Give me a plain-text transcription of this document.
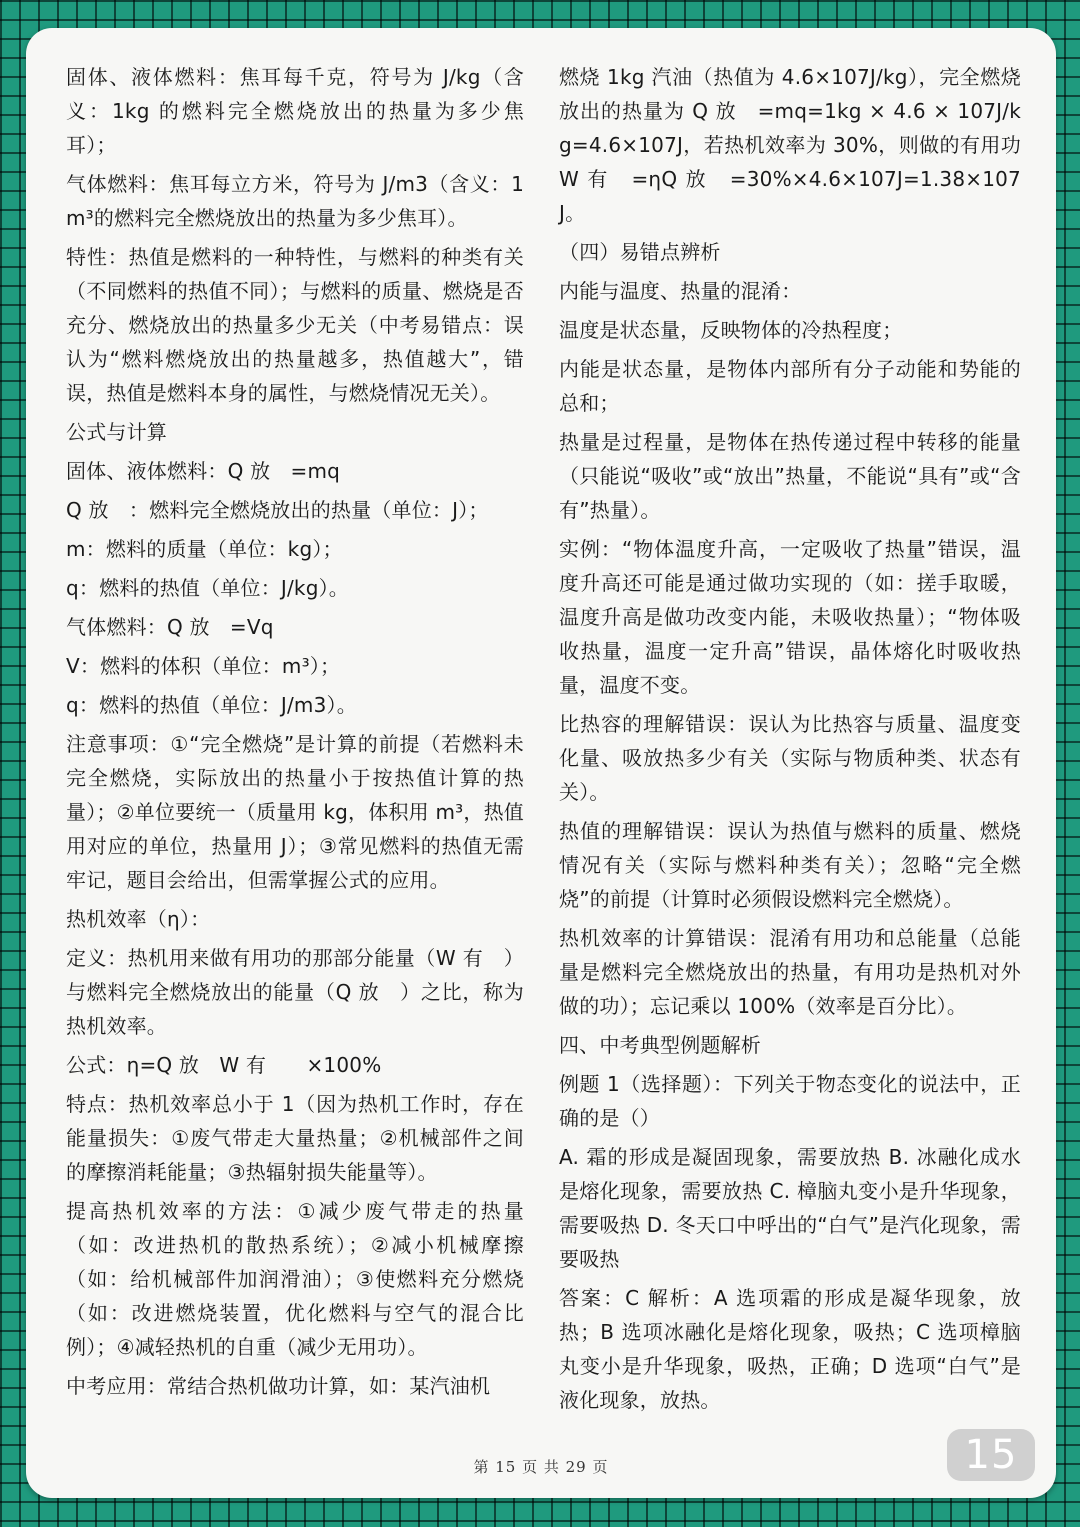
固体、液体燃料：焦耳每千克，符号为 J/kg（含义：1kg 的燃料完全燃烧放出的热量为多少焦耳）；

气体燃料：焦耳每立方米，符号为 J/m3（含义：1m³的燃料完全燃烧放出的热量为多少焦耳）。

特性：热值是燃料的一种特性，与燃料的种类有关（不同燃料的热值不同）；与燃料的质量、燃烧是否充分、燃烧放出的热量多少无关（中考易错点：误认为“燃料燃烧放出的热量越多，热值越大”，错误，热值是燃料本身的属性，与燃烧情况无关）。

公式与计算

固体、液体燃料：Q 放　=mq

Q 放　：燃料完全燃烧放出的热量（单位：J）；

m：燃料的质量（单位：kg）；

q：燃料的热值（单位：J/kg）。

气体燃料：Q 放　=Vq

V：燃料的体积（单位：m³）；

q：燃料的热值（单位：J/m3）。

注意事项：①“完全燃烧”是计算的前提（若燃料未完全燃烧，实际放出的热量小于按热值计算的热量）；②单位要统一（质量用 kg，体积用 m³，热值用对应的单位，热量用 J）；③常见燃料的热值无需牢记，题目会给出，但需掌握公式的应用。

热机效率（η）：

定义：热机用来做有用功的那部分能量（W 有　）与燃料完全燃烧放出的能量（Q 放　）之比，称为热机效率。

公式：η=Q 放　W 有　　×100%

特点：热机效率总小于 1（因为热机工作时，存在能量损失：①废气带走大量热量；②机械部件之间的摩擦消耗能量；③热辐射损失能量等）。

提高热机效率的方法：①减少废气带走的热量（如：改进热机的散热系统）；②减小机械摩擦（如：给机械部件加润滑油）；③使燃料充分燃烧（如：改进燃烧装置，优化燃料与空气的混合比例）；④减轻热机的自重（减少无用功）。

中考应用：常结合热机做功计算，如：某汽油机

燃烧 1kg 汽油（热值为 4.6×107J/kg），完全燃烧放出的热量为 Q 放　=mq=1kg × 4.6 × 107J/kg=4.6×107J，若热机效率为 30%，则做的有用功 W 有　=ηQ 放　=30%×4.6×107J=1.38×107J。

（四）易错点辨析

内能与温度、热量的混淆：

温度是状态量，反映物体的冷热程度；

内能是状态量，是物体内部所有分子动能和势能的总和；

热量是过程量，是物体在热传递过程中转移的能量（只能说“吸收”或“放出”热量，不能说“具有”或“含有”热量）。

实例：“物体温度升高，一定吸收了热量”错误，温度升高还可能是通过做功实现的（如：搓手取暖，温度升高是做功改变内能，未吸收热量）；“物体吸收热量，温度一定升高”错误，晶体熔化时吸收热量，温度不变。

比热容的理解错误：误认为比热容与质量、温度变化量、吸放热多少有关（实际与物质种类、状态有关）。

热值的理解错误：误认为热值与燃料的质量、燃烧情况有关（实际与燃料种类有关）；忽略“完全燃烧”的前提（计算时必须假设燃料完全燃烧）。

热机效率的计算错误：混淆有用功和总能量（总能量是燃料完全燃烧放出的热量，有用功是热机对外做的功）；忘记乘以 100%（效率是百分比）。

四、中考典型例题解析

例题 1（选择题）：下列关于物态变化的说法中，正确的是（）

A. 霜的形成是凝固现象，需要放热 B. 冰融化成水是熔化现象，需要放热 C. 樟脑丸变小是升华现象，需要吸热 D. 冬天口中呼出的“白气”是汽化现象，需要吸热

答案：C 解析：A 选项霜的形成是凝华现象，放热；B 选项冰融化是熔化现象，吸热；C 选项樟脑丸变小是升华现象，吸热，正确；D 选项“白气”是液化现象，放热。

第 15 页 共 29 页	15
